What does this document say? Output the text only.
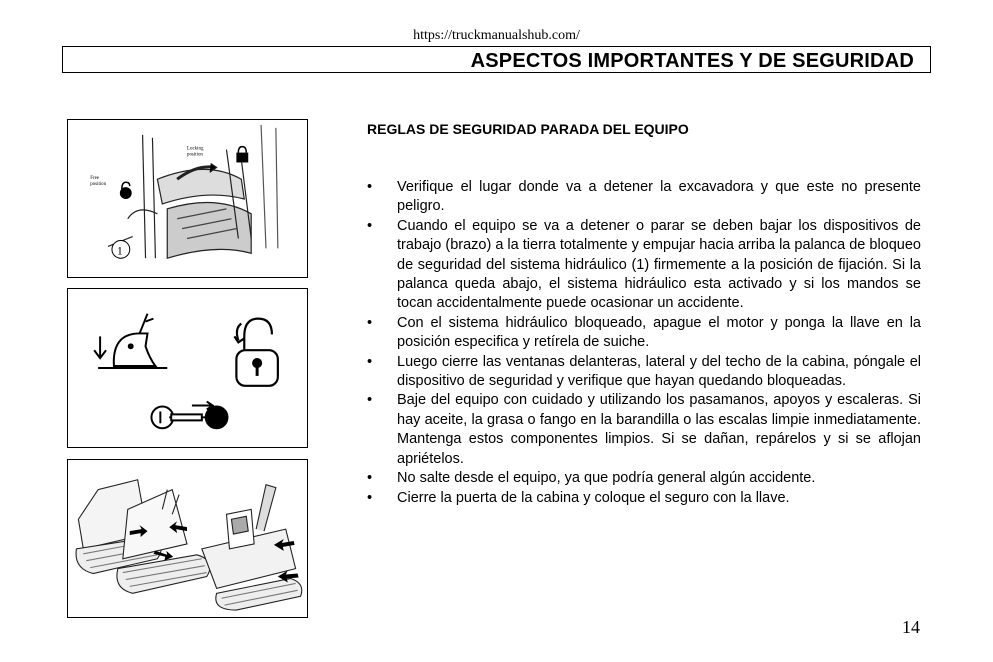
https://truckmanualshub.com/
ASPECTOS IMPORTANTES Y DE SEGURIDAD
Locking
position
Free
position
1
REGLAS DE SEGURIDAD PARADA DEL EQUIPO
• Verifique el lugar donde va a detener la excavadora y que este no presente peligro.
• Cuando el equipo se va a detener o parar se deben bajar los dispositivos de trabajo (brazo) a la tierra totalmente y empujar hacia arriba la palanca de bloqueo de seguridad del sistema hidráulico (1) firmemente a la posición de fijación. Si la palanca queda abajo, el sistema hidráulico esta activado y si los mandos se tocan accidentalmente puede ocasionar un accidente.
• Con el sistema hidráulico bloqueado, apague el motor y ponga la llave en la posición especifica y retírela de suiche.
• Luego cierre las ventanas delanteras, lateral y del techo de la cabina, póngale el dispositivo de seguridad y verifique que hayan quedando bloqueadas.
• Baje del equipo con cuidado y utilizando los pasamanos, apoyos y escaleras. Si hay aceite, la grasa o fango en la barandilla o las escalas limpie inmediatamente. Mantenga estos componentes limpios. Si se dañan, repárelos y si se aflojan apriételos.
• No salte desde el equipo, ya que podría general algún accidente.
• Cierre la puerta de la cabina y coloque el seguro con la llave.
14
